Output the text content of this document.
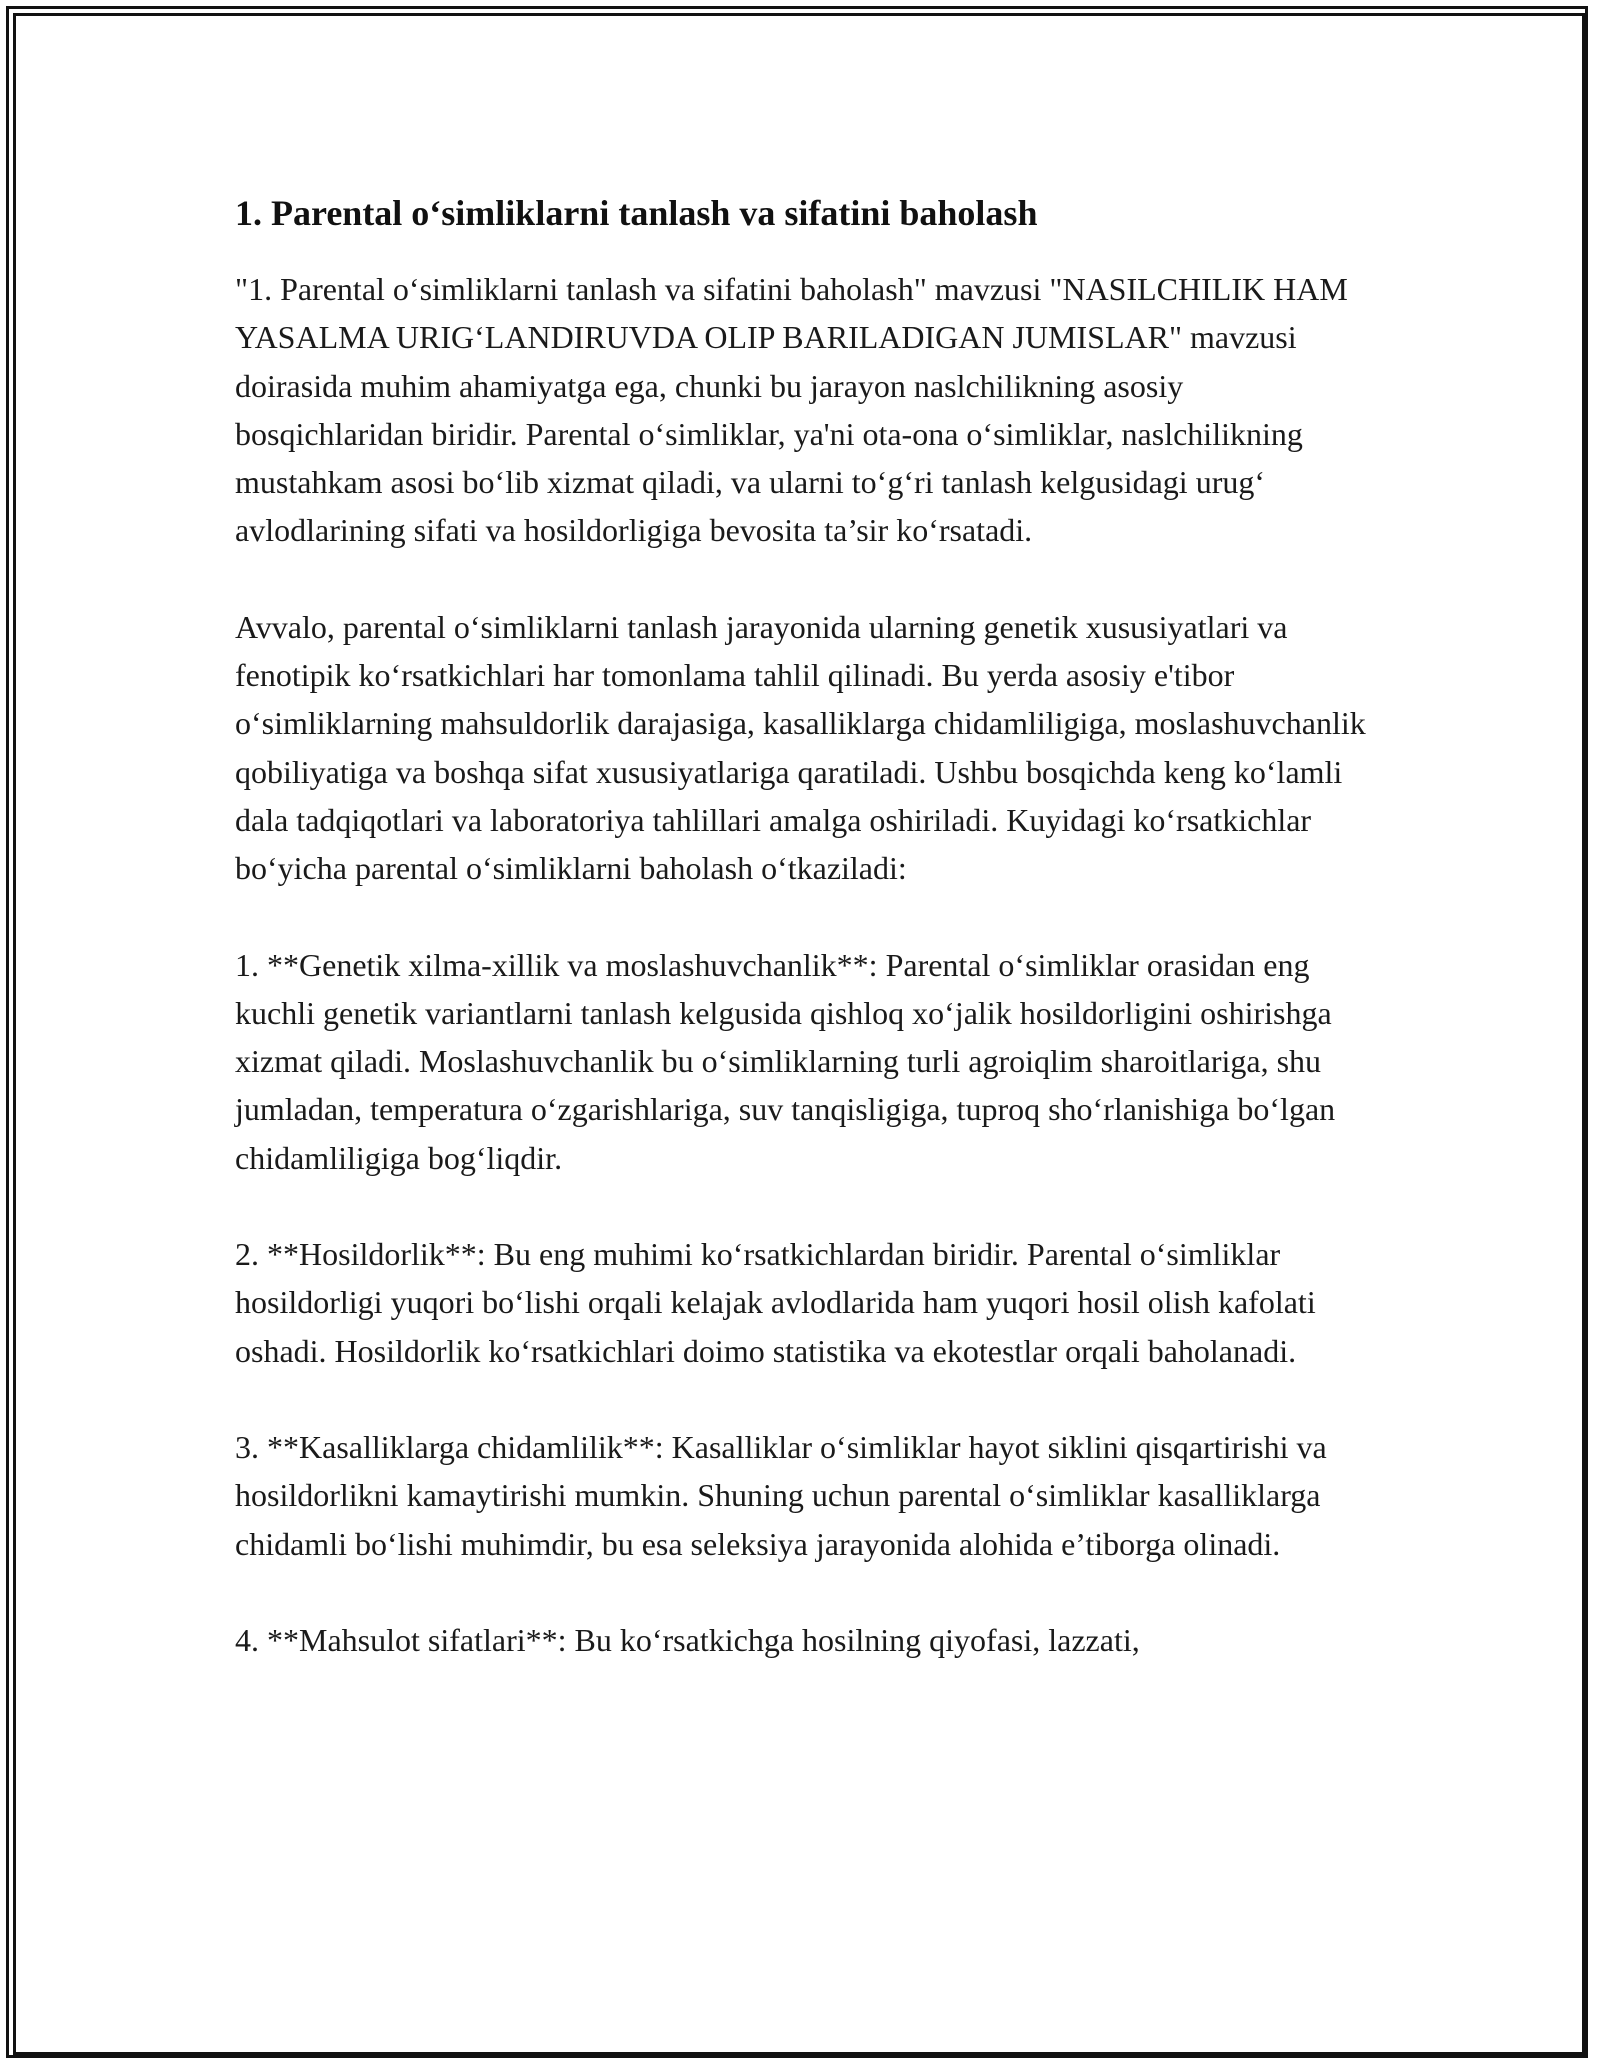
1. Parental o‘simliklarni tanlash va sifatini baholash

"1. Parental o‘simliklarni tanlash va sifatini baholash" mavzusi "NASILCHILIK HAM YASALMA URIG‘LANDIRUVDA OLIP BARILADIGAN JUMISLAR" mavzusi doirasida muhim ahamiyatga ega, chunki bu jarayon naslchilikning asosiy bosqichlaridan biridir. Parental o‘simliklar, ya'ni ota-ona o‘simliklar, naslchilikning mustahkam asosi bo‘lib xizmat qiladi, va ularni to‘g‘ri tanlash kelgusidagi urug‘ avlodlarining sifati va hosildorligiga bevosita ta’sir ko‘rsatadi.

Avvalo, parental o‘simliklarni tanlash jarayonida ularning genetik xususiyatlari va fenotipik ko‘rsatkichlari har tomonlama tahlil qilinadi. Bu yerda asosiy e'tibor o‘simliklarning mahsuldorlik darajasiga, kasalliklarga chidamliligiga, moslashuvchanlik qobiliyatiga va boshqa sifat xususiyatlariga qaratiladi. Ushbu bosqichda keng ko‘lamli dala tadqiqotlari va laboratoriya tahlillari amalga oshiriladi. Kuyidagi ko‘rsatkichlar bo‘yicha parental o‘simliklarni baholash o‘tkaziladi:

1. **Genetik xilma-xillik va moslashuvchanlik**: Parental o‘simliklar orasidan eng kuchli genetik variantlarni tanlash kelgusida qishloq xo‘jalik hosildorligini oshirishga xizmat qiladi. Moslashuvchanlik bu o‘simliklarning turli agroiqlim sharoitlariga, shu jumladan, temperatura o‘zgarishlariga, suv tanqisligiga, tuproq sho‘rlanishiga bo‘lgan chidamliligiga bog‘liqdir.

2. **Hosildorlik**: Bu eng muhimi ko‘rsatkichlardan biridir. Parental o‘simliklar hosildorligi yuqori bo‘lishi orqali kelajak avlodlarida ham yuqori hosil olish kafolati oshadi. Hosildorlik ko‘rsatkichlari doimo statistika va ekotestlar orqali baholanadi.

3. **Kasalliklarga chidamlilik**: Kasalliklar o‘simliklar hayot siklini qisqartirishi va hosildorlikni kamaytirishi mumkin. Shuning uchun parental o‘simliklar kasalliklarga chidamli bo‘lishi muhimdir, bu esa seleksiya jarayonida alohida e’tiborga olinadi.

4. **Mahsulot sifatlari**: Bu ko‘rsatkichga hosilning qiyofasi, lazzati,
